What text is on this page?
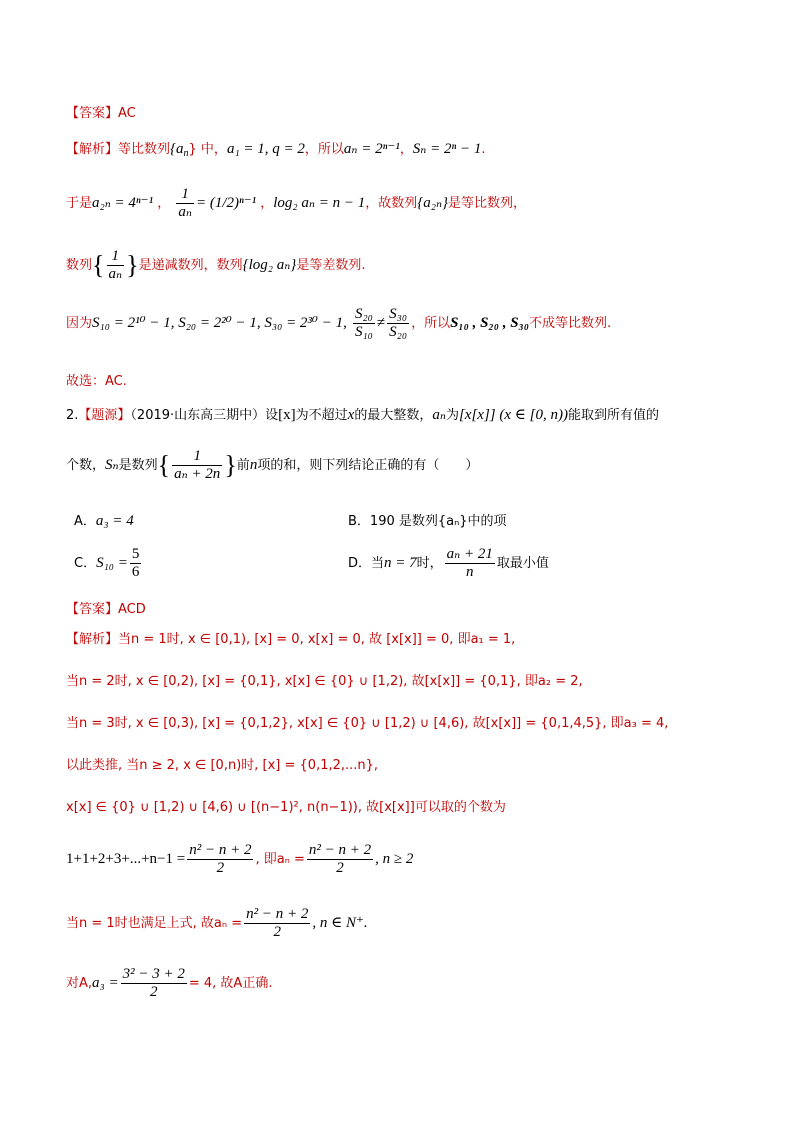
【答案】AC
【解析】等比数列$\{a_n\}$ 中，a₁ = 1, q = 2，所以aₙ = 2ⁿ⁻¹，Sₙ = 2ⁿ − 1.
于是a₂ₙ = 4ⁿ⁻¹ ， $\frac{1}{\text{aₙ}} = (1/2)^{n-1}$ ，log₂ aₙ = n − 1，故数列{a₂ₙ}是等比数列，
数列{ $\frac{1}{\text{aₙ}}$ }是递减数列，数列{log₂ aₙ}是等差数列.
因为S₁₀ = 2¹⁰ − 1, S₂₀ = 2²⁰ − 1, S₃₀ = 2³⁰ − 1, $\frac{\text{S₂₀}}{\text{S₁₀}} \ne \frac{\text{S₃₀}}{\text{S₂₀}}$ ，所以S₁₀ , S₂₀ , S₃₀不成等比数列.
故选：AC.
2.【题源】（2019·山东高三期中）设[x]为不超过x的最大整数，aₙ为[x[x]] (x ∈ [0, n))能取到所有值的
个数，Sₙ是数列{ $\frac{1}{\text{aₙ + 2n}}$ }前n项的和，则下列结论正确的有（　　）
A．a₃ = 4	B．190 是数列{aₙ}中的项
C．$S_{10} = \frac{5}{6}$	D．当n = 7时， $\frac{\text{aₙ + 21}}{n}$ 取最小值
【答案】ACD
【解析】当n = 1时, x ∈ [0,1), [x] = 0, x[x] = 0, 故 [x[x]] = 0, 即a₁ = 1,
当n = 2时, x ∈ [0,2), [x] = {0,1}, x[x] ∈ {0} ∪ [1,2), 故[x[x]] = {0,1}, 即a₂ = 2,
当n = 3时, x ∈ [0,3), [x] = {0,1,2}, x[x] ∈ {0} ∪ [1,2) ∪ [4,6), 故[x[x]] = {0,1,4,5}, 即a₃ = 4,
以此类推, 当n ≥ 2, x ∈ [0,n)时, [x] = {0,1,2,...n},
x[x] ∈ {0} ∪ [1,2) ∪ [4,6) ∪ [(n−1)², n(n−1)), 故[x[x]]可以取的个数为
$1+1+2+3+...+n-1 = \frac{\text{n² − n + 2}}{2}$ , 即$a_n = \frac{\text{n² − n + 2}}{2}$ , n ≥ 2
当n = 1时也满足上式, 故$a_n = \frac{\text{n² − n + 2}}{2}$ , n ∈ N⁺.
对$A,a_3 = \frac{\text{3² − 3 + 2}}{2} = 4$, 故A正确.
